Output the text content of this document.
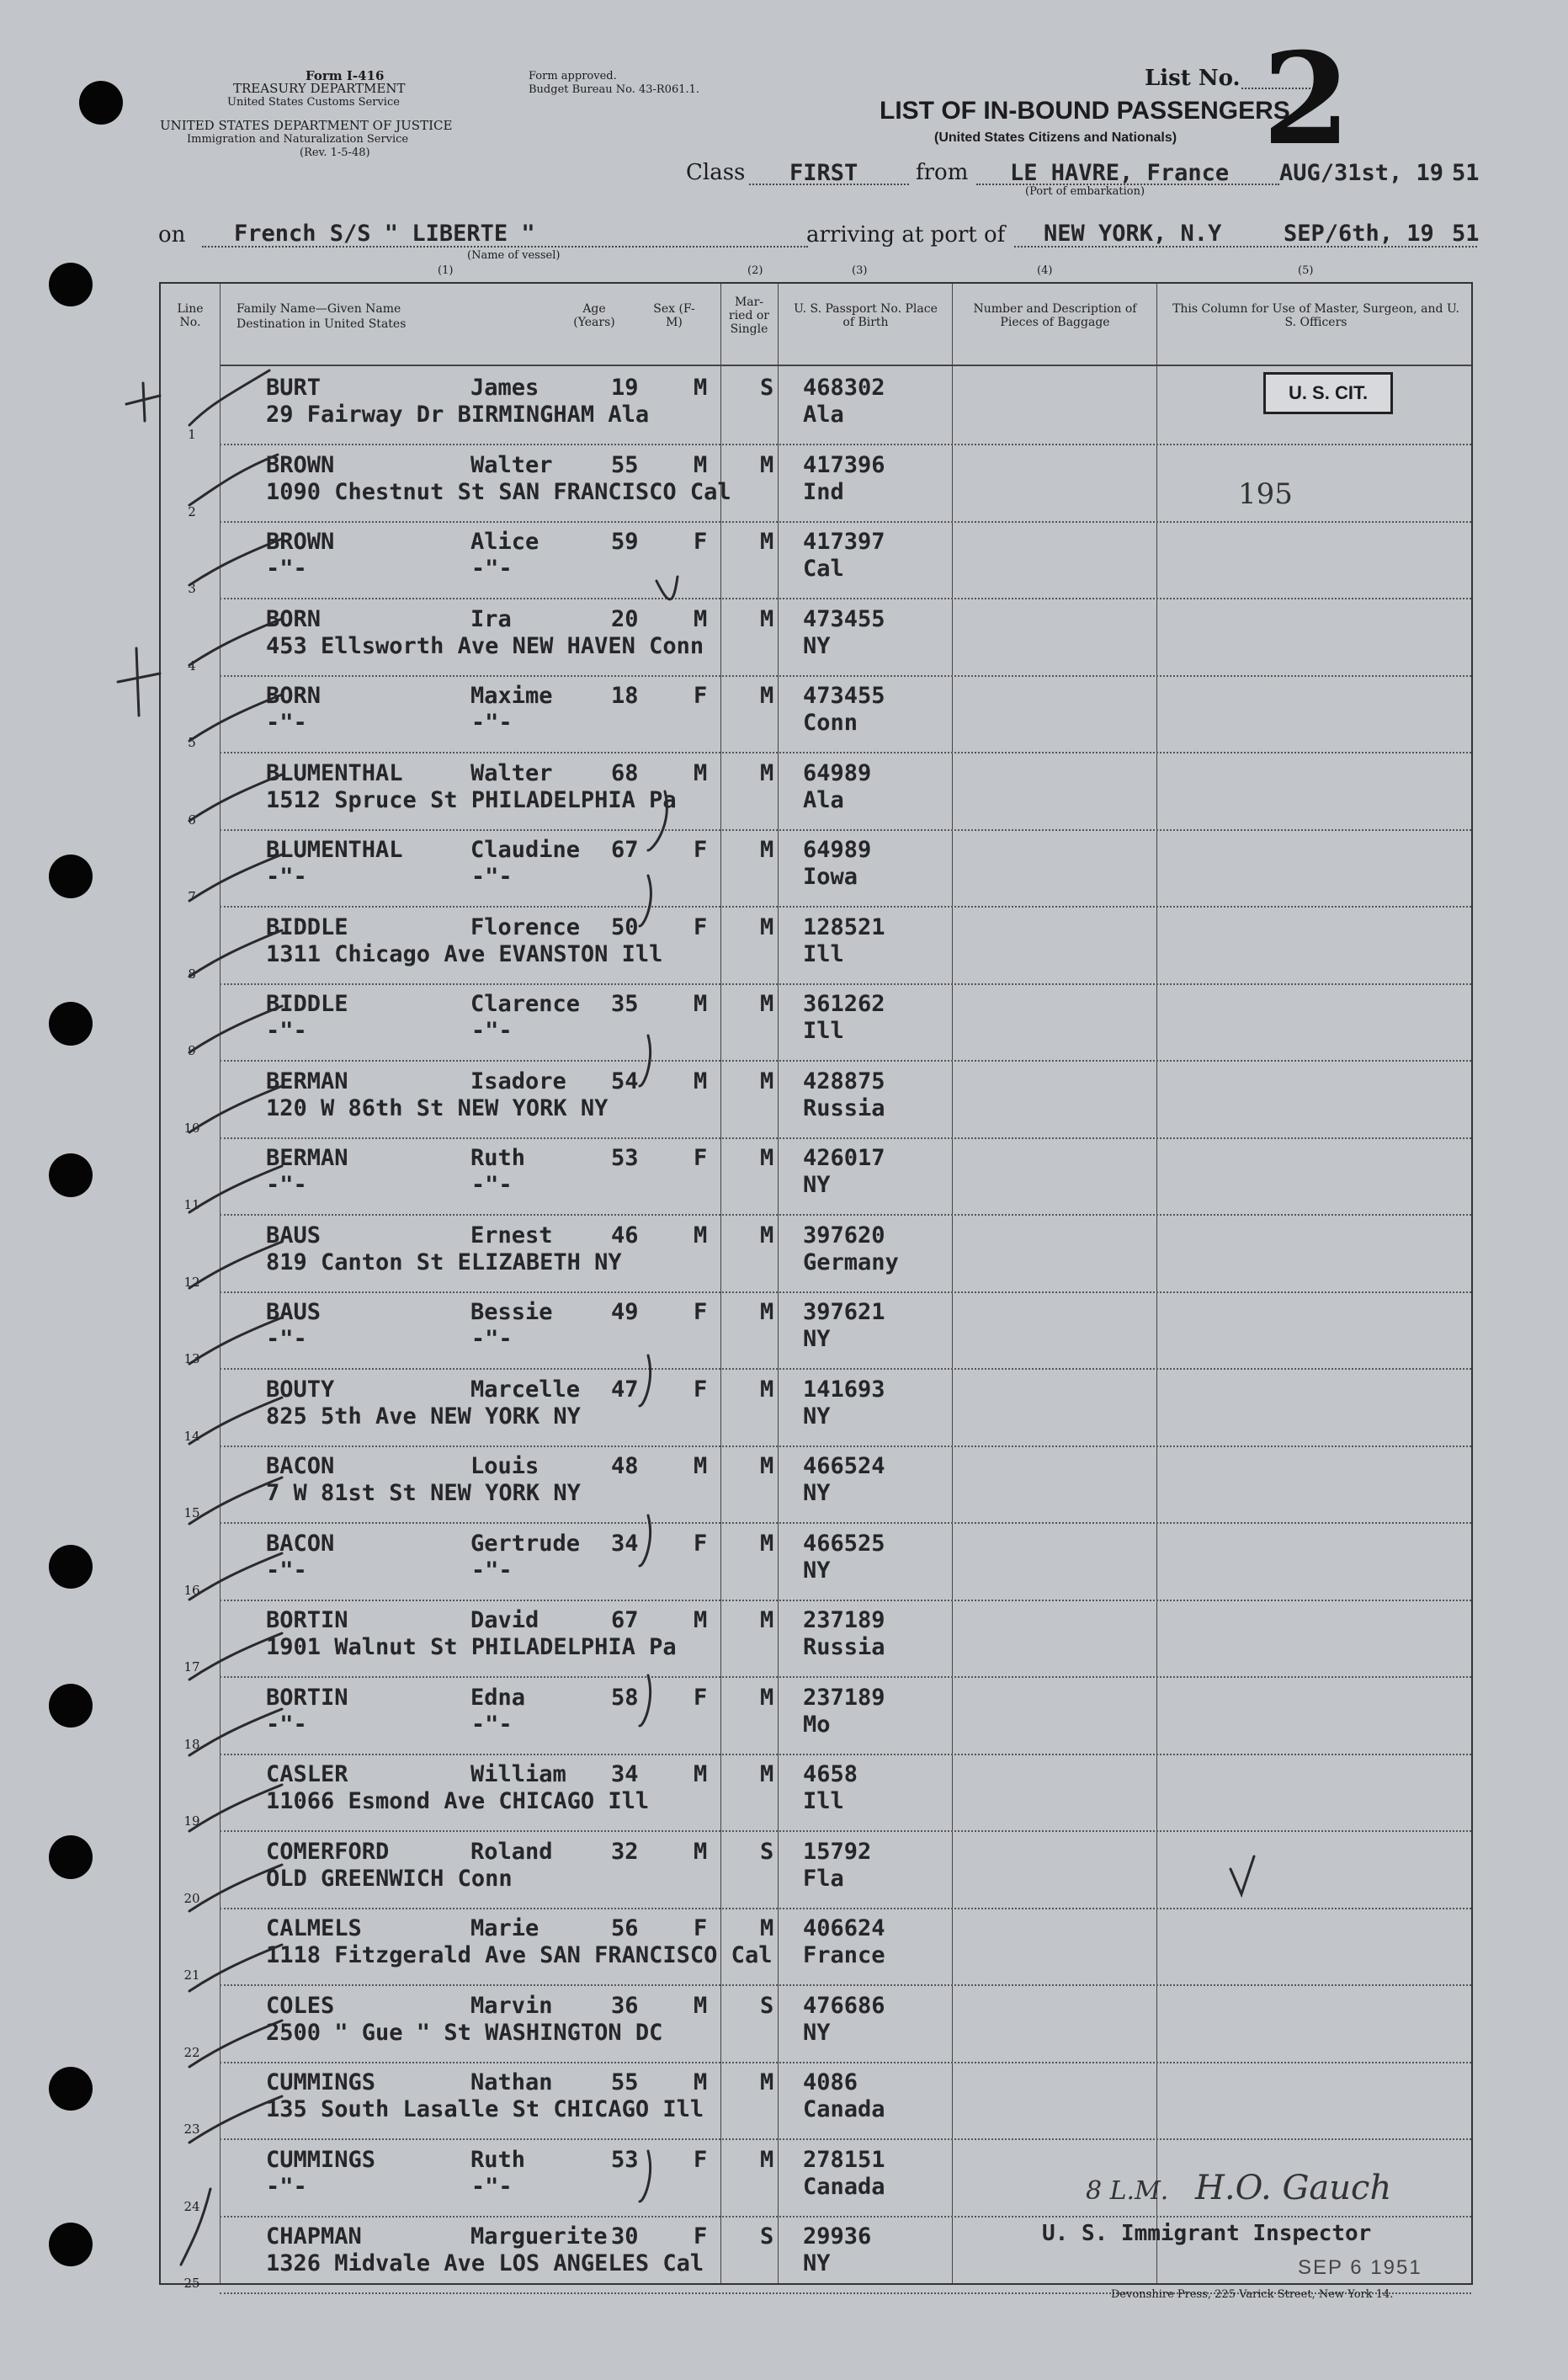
Form I-416
TREASURY DEPARTMENT
United States Customs Service
Form approved.
Budget Bureau No. 43-R061.1.
UNITED STATES DEPARTMENT OF JUSTICE
Immigration and Naturalization Service
(Rev. 1-5-48)
List No. 2
LIST OF IN-BOUND PASSENGERS
(United States Citizens and Nationals)
Class FIRST	from LE HAVRE, France AUG/31st, 19 51
(Port of embarkation)
on French S/S " LIBERTE "
(Name of vessel)
(1)
arriving at port of NEW YORK, N.Y	SEP/6th, 19 51
(2)	(3)	(4)	(5)
Line No.
Family Name—Given Name
Destination in United States
Age (Years)
Sex (F-M)
Mar-ried or Single
U. S. Passport No. Place of Birth
Number and Description of Pieces of Baggage
This Column for Use of Master, Surgeon, and U. S. Officers
1
BURT	James	19 M S 468302
29 Fairway Dr BIRMINGHAM Ala	Ala
2
BROWN	Walter	55 M M 417396
1090 Chestnut St SAN FRANCISCO Cal	Ind
3
BROWN	Alice	59 F M 417397
-"-            -"-	Cal
4
BORN	Ira	20 M M 473455
453 Ellsworth Ave NEW HAVEN Conn	NY
5
BORN	Maxime	18 F M 473455
-"-            -"-	Conn
6
BLUMENTHAL	Walter	68 M M 64989
1512 Spruce St PHILADELPHIA Pa	Ala
7
BLUMENTHAL	Claudine 67 F M 64989
-"-            -"-	Iowa
8
BIDDLE	Florence 50 F M 128521
1311 Chicago Ave EVANSTON Ill	Ill
9
BIDDLE	Clarence 35 M M 361262
-"-            -"-	Ill
10
BERMAN	Isadore 54 M M 428875
120 W 86th St NEW YORK NY	Russia
11
BERMAN	Ruth	53 F M 426017
-"-            -"-	NY
12
BAUS	Ernest	46 M M 397620
819 Canton St ELIZABETH NY	Germany
13
BAUS	Bessie	49 F M 397621
-"-            -"-	NY
14
BOUTY	Marcelle 47 F M 141693
825 5th Ave NEW YORK NY	NY
15
BACON	Louis	48 M M 466524
7 W 81st St NEW YORK NY	NY
16
BACON	Gertrude 34 F M 466525
-"-            -"-	NY
17
BORTIN	David	67 M M 237189
1901 Walnut St PHILADELPHIA Pa	Russia
18
BORTIN	Edna	58 F M 237189
-"-            -"-	Mo
19
CASLER	William 34 M M 4658
11066 Esmond Ave CHICAGO Ill	Ill
20
COMERFORD	Roland	32 M S 15792
OLD GREENWICH Conn	Fla
21
CALMELS	Marie	56 F M 406624
1118 Fitzgerald Ave SAN FRANCISCO Cal France
22
COLES	Marvin	36 M S 476686
2500 " Gue " St WASHINGTON DC	NY
23
CUMMINGS	Nathan	55 M M 4086
135 South Lasalle St CHICAGO Ill	Canada
24
CUMMINGS	Ruth	53 F M 278151
-"-            -"-	Canada
25
CHAPMAN	Marguerite 30 F S 29936
1326 Midvale Ave LOS ANGELES Cal	NY
U. S. CIT.
195
U. S. Immigrant Inspector
H.O. Gauch
8 L.M.
SEP 6 1951
Devonshire Press, 225 Varick Street, New York 14.
